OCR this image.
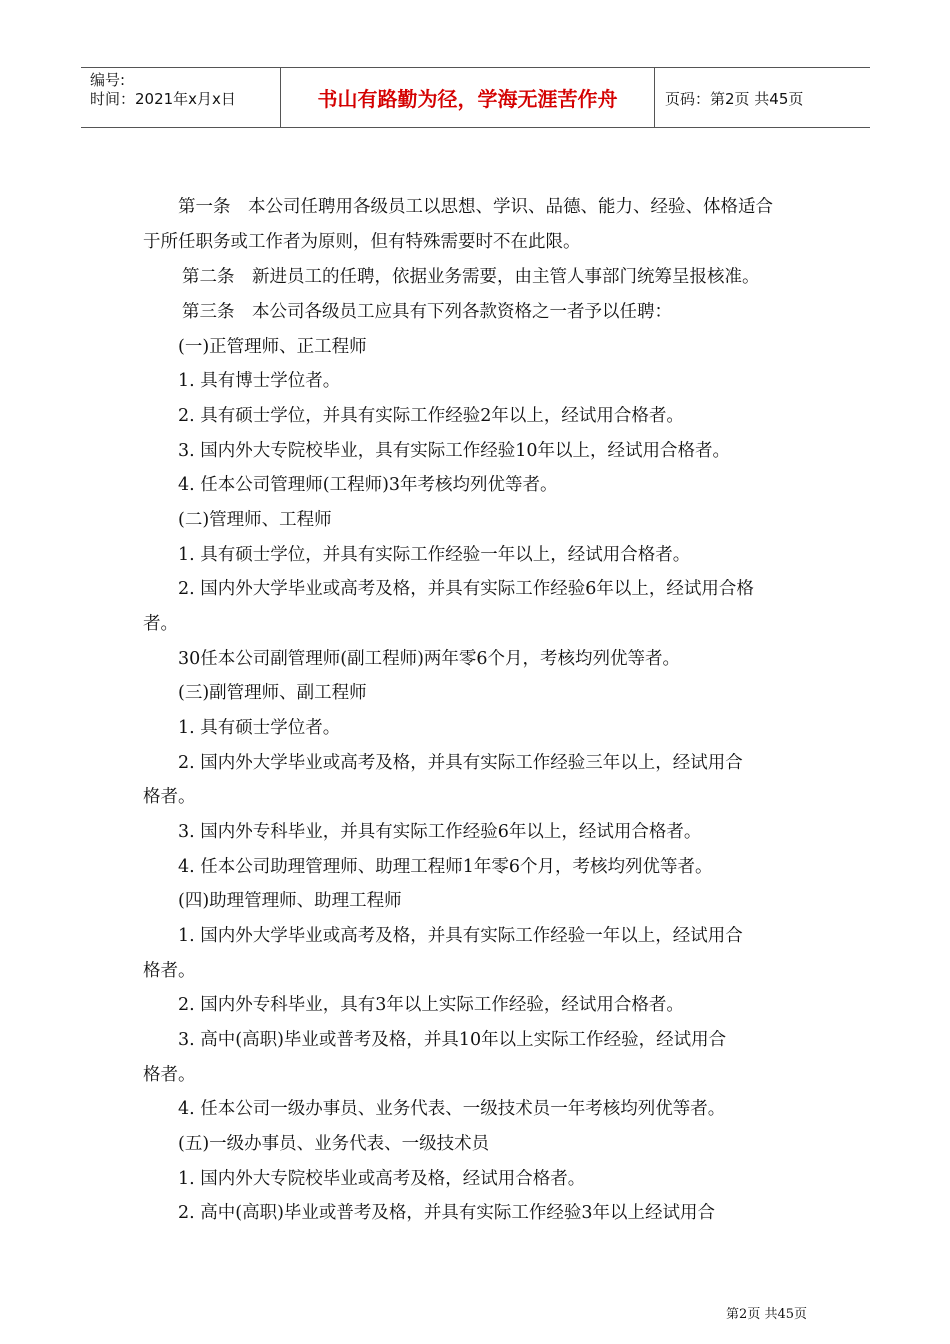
编号:
时间：2021年x月x日	书山有路勤为径，学海无涯苦作舟	页码：第2页 共45页
第一条　本公司任聘用各级员工以思想、学识、品德、能力、经验、体格适合
于所任职务或工作者为原则，但有特殊需要时不在此限。
第二条　新进员工的任聘，依据业务需要，由主管人事部门统筹呈报核准。
第三条　本公司各级员工应具有下列各款资格之一者予以任聘：
(一)正管理师、正工程师
1. 具有博士学位者。
2. 具有硕士学位，并具有实际工作经验2年以上，经试用合格者。
3. 国内外大专院校毕业，具有实际工作经验10年以上，经试用合格者。
4. 任本公司管理师(工程师)3年考核均列优等者。
(二)管理师、工程师
1. 具有硕士学位，并具有实际工作经验一年以上，经试用合格者。
2. 国内外大学毕业或高考及格，并具有实际工作经验6年以上，经试用合格
者。
30任本公司副管理师(副工程师)两年零6个月，考核均列优等者。
(三)副管理师、副工程师
1. 具有硕士学位者。
2. 国内外大学毕业或高考及格，并具有实际工作经验三年以上，经试用合
格者。
3. 国内外专科毕业，并具有实际工作经验6年以上，经试用合格者。
4. 任本公司助理管理师、助理工程师1年零6个月，考核均列优等者。
(四)助理管理师、助理工程师
1. 国内外大学毕业或高考及格，并具有实际工作经验一年以上，经试用合
格者。
2. 国内外专科毕业，具有3年以上实际工作经验，经试用合格者。
3. 高中(高职)毕业或普考及格，并具10年以上实际工作经验，经试用合
格者。
4. 任本公司一级办事员、业务代表、一级技术员一年考核均列优等者。
(五)一级办事员、业务代表、一级技术员
1. 国内外大专院校毕业或高考及格，经试用合格者。
2. 高中(高职)毕业或普考及格，并具有实际工作经验3年以上经试用合
第2页 共45页
